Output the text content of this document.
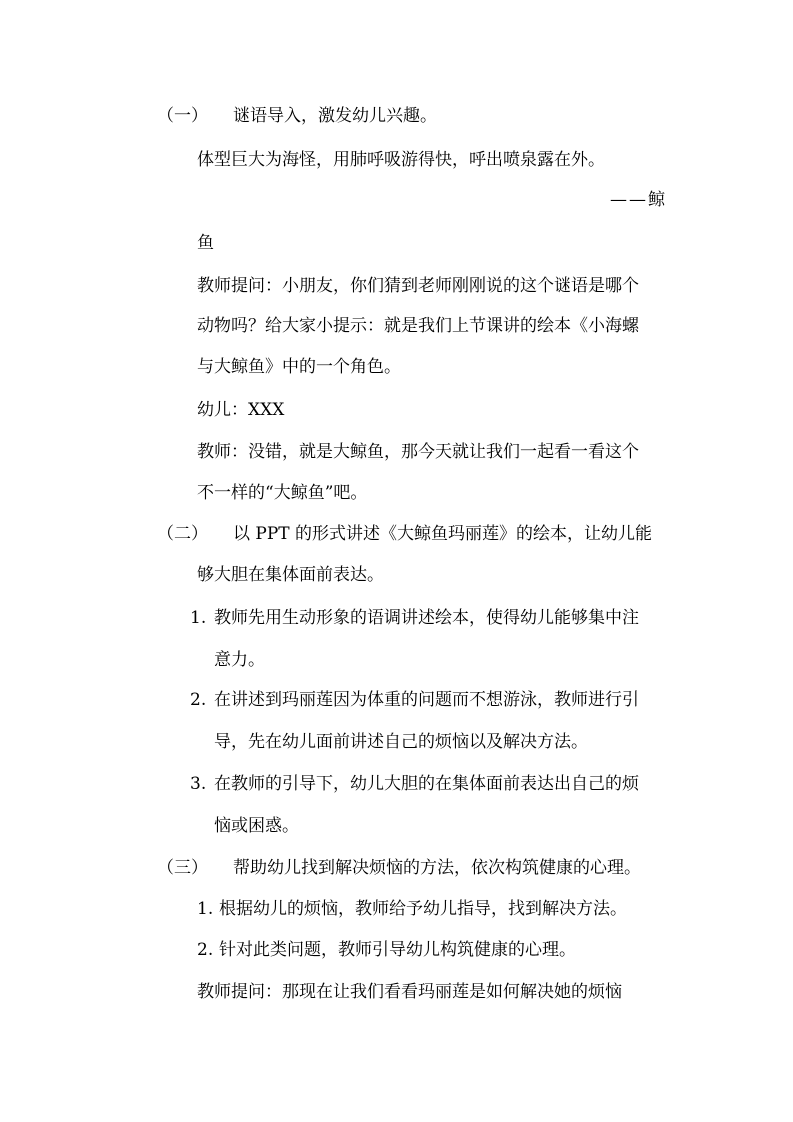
（一） 谜语导入，激发幼儿兴趣。
体型巨大为海怪，用肺呼吸游得快，呼出喷泉露在外。
——鲸
鱼
教师提问：小朋友，你们猜到老师刚刚说的这个谜语是哪个
动物吗？给大家小提示：就是我们上节课讲的绘本《小海螺
与大鲸鱼》中的一个角色。
幼儿：XXX
教师：没错，就是大鲸鱼，那今天就让我们一起看一看这个
不一样的“大鲸鱼”吧。
（二） 以 PPT 的形式讲述《大鲸鱼玛丽莲》的绘本，让幼儿能
够大胆在集体面前表达。
1. 教师先用生动形象的语调讲述绘本，使得幼儿能够集中注
意力。
2. 在讲述到玛丽莲因为体重的问题而不想游泳，教师进行引
导，先在幼儿面前讲述自己的烦恼以及解决方法。
3. 在教师的引导下，幼儿大胆的在集体面前表达出自己的烦
恼或困惑。
（三） 帮助幼儿找到解决烦恼的方法，依次构筑健康的心理。
1. 根据幼儿的烦恼，教师给予幼儿指导，找到解决方法。
2. 针对此类问题，教师引导幼儿构筑健康的心理。
教师提问：那现在让我们看看玛丽莲是如何解决她的烦恼
